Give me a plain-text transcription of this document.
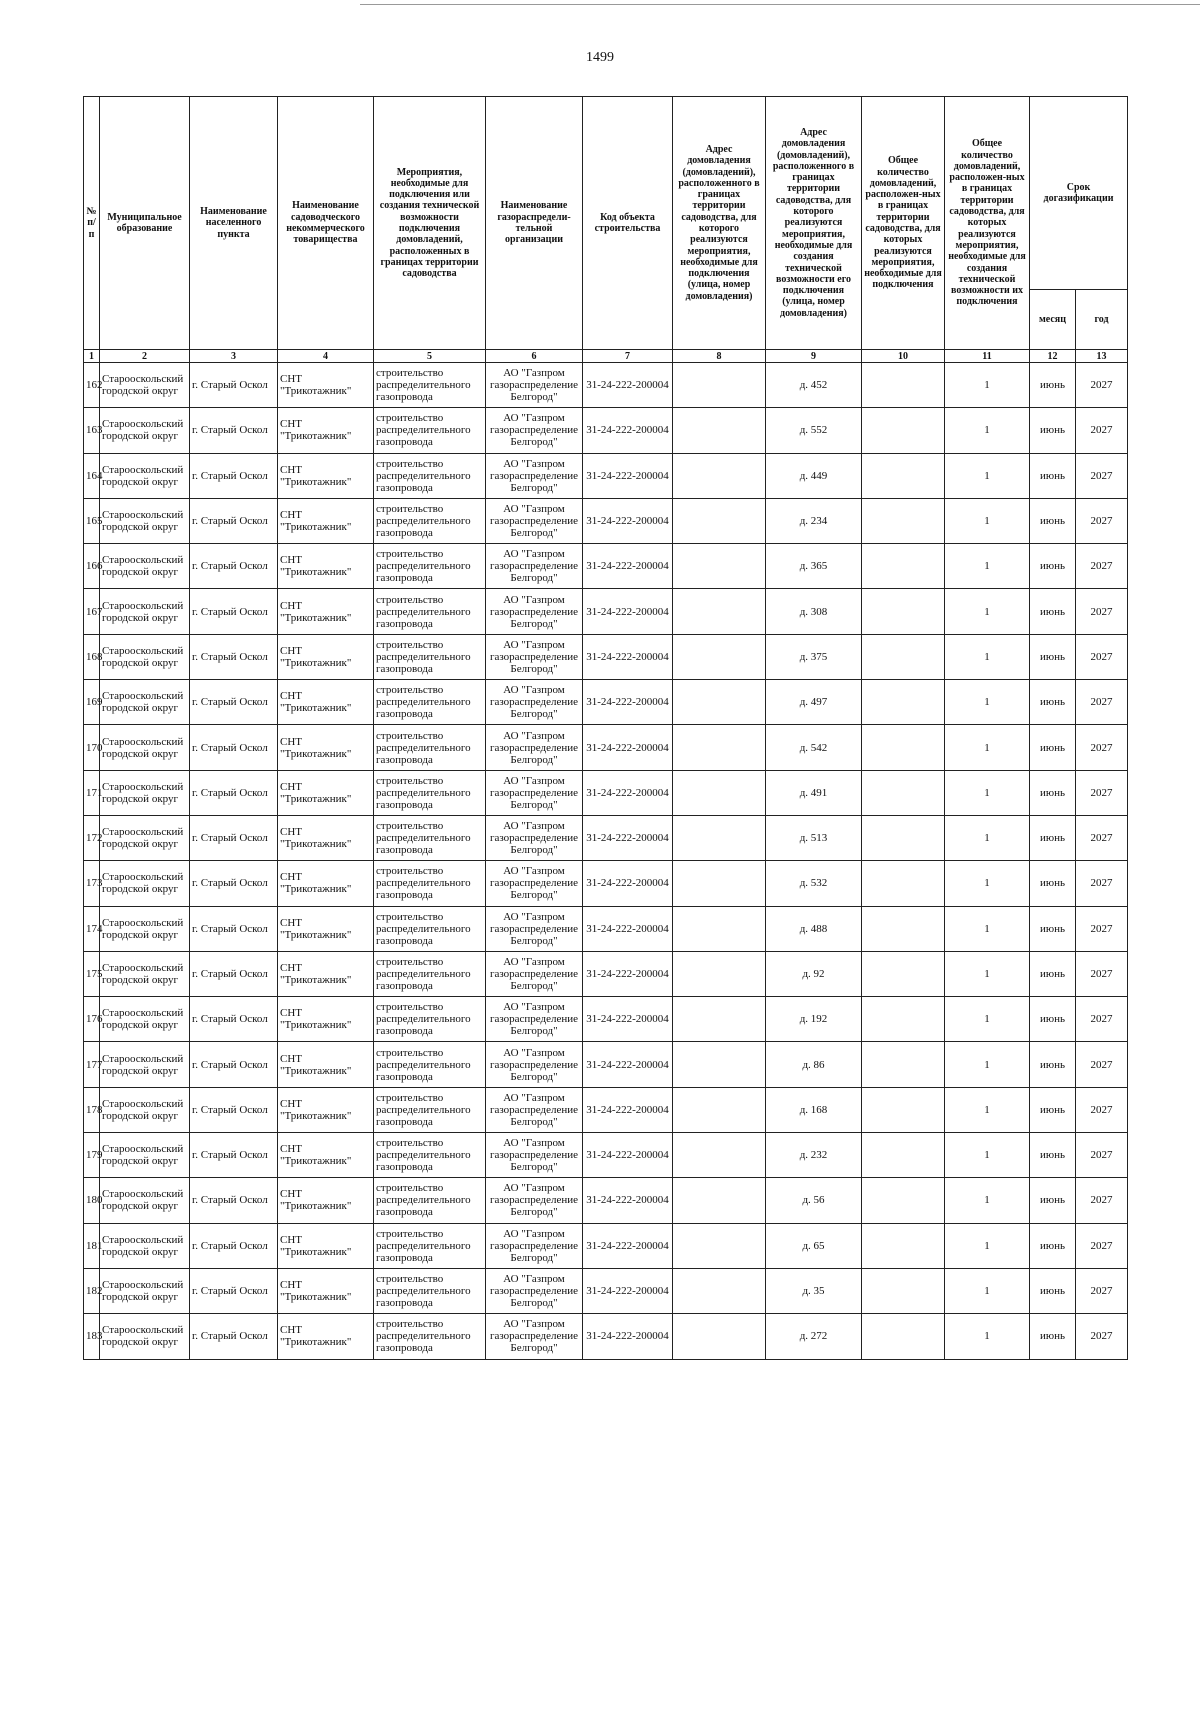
1499
№ п/п	Муниципальное образование	Наименование населенного пункта	Наименование садоводческого некоммерческого товарищества	Мероприятия, необходимые для подключения или создания технической возможности подключения домовладений, расположенных в границах территории садоводства	Наименование газораспредели-тельной организации	Код объекта строительства	Адрес домовладения (домовладений), расположенного в границах территории садоводства, для которого реализуются мероприятия, необходимые для подключения (улица, номер домовладения)	Адрес домовладения (домовладений), расположенного в границах территории садоводства, для которого реализуются мероприятия, необходимые для создания технической возможности его подключения (улица, номер домовладения)	Общее количество домовладений, расположен-ных в границах территории садоводства, для которых реализуются мероприятия, необходимые для подключения	Общее количество домовладений, расположен-ных в границах территории садоводства, для которых реализуются мероприятия, необходимые для создания технической возможности их подключения	Срок догазификации	
											месяц	год
1	2	3	4	5	6	7	8	9	10	11	12	13
162	Старооскольский городской округ	г. Старый Оскол	СНТ "Трикотажник"	строительство распределительного газопровода	АО "Газпром газораспределение Белгород"	31-24-222-200004		д. 452		1	июнь	2027
163	Старооскольский городской округ	г. Старый Оскол	СНТ "Трикотажник"	строительство распределительного газопровода	АО "Газпром газораспределение Белгород"	31-24-222-200004		д. 552		1	июнь	2027
164	Старооскольский городской округ	г. Старый Оскол	СНТ "Трикотажник"	строительство распределительного газопровода	АО "Газпром газораспределение Белгород"	31-24-222-200004		д. 449		1	июнь	2027
165	Старооскольский городской округ	г. Старый Оскол	СНТ "Трикотажник"	строительство распределительного газопровода	АО "Газпром газораспределение Белгород"	31-24-222-200004		д. 234		1	июнь	2027
166	Старооскольский городской округ	г. Старый Оскол	СНТ "Трикотажник"	строительство распределительного газопровода	АО "Газпром газораспределение Белгород"	31-24-222-200004		д. 365		1	июнь	2027
167	Старооскольский городской округ	г. Старый Оскол	СНТ "Трикотажник"	строительство распределительного газопровода	АО "Газпром газораспределение Белгород"	31-24-222-200004		д. 308		1	июнь	2027
168	Старооскольский городской округ	г. Старый Оскол	СНТ "Трикотажник"	строительство распределительного газопровода	АО "Газпром газораспределение Белгород"	31-24-222-200004		д. 375		1	июнь	2027
169	Старооскольский городской округ	г. Старый Оскол	СНТ "Трикотажник"	строительство распределительного газопровода	АО "Газпром газораспределение Белгород"	31-24-222-200004		д. 497		1	июнь	2027
170	Старооскольский городской округ	г. Старый Оскол	СНТ "Трикотажник"	строительство распределительного газопровода	АО "Газпром газораспределение Белгород"	31-24-222-200004		д. 542		1	июнь	2027
171	Старооскольский городской округ	г. Старый Оскол	СНТ "Трикотажник"	строительство распределительного газопровода	АО "Газпром газораспределение Белгород"	31-24-222-200004		д. 491		1	июнь	2027
172	Старооскольский городской округ	г. Старый Оскол	СНТ "Трикотажник"	строительство распределительного газопровода	АО "Газпром газораспределение Белгород"	31-24-222-200004		д. 513		1	июнь	2027
173	Старооскольский городской округ	г. Старый Оскол	СНТ "Трикотажник"	строительство распределительного газопровода	АО "Газпром газораспределение Белгород"	31-24-222-200004		д. 532		1	июнь	2027
174	Старооскольский городской округ	г. Старый Оскол	СНТ "Трикотажник"	строительство распределительного газопровода	АО "Газпром газораспределение Белгород"	31-24-222-200004		д. 488		1	июнь	2027
175	Старооскольский городской округ	г. Старый Оскол	СНТ "Трикотажник"	строительство распределительного газопровода	АО "Газпром газораспределение Белгород"	31-24-222-200004		д. 92		1	июнь	2027
176	Старооскольский городской округ	г. Старый Оскол	СНТ "Трикотажник"	строительство распределительного газопровода	АО "Газпром газораспределение Белгород"	31-24-222-200004		д. 192		1	июнь	2027
177	Старооскольский городской округ	г. Старый Оскол	СНТ "Трикотажник"	строительство распределительного газопровода	АО "Газпром газораспределение Белгород"	31-24-222-200004		д. 86		1	июнь	2027
178	Старооскольский городской округ	г. Старый Оскол	СНТ "Трикотажник"	строительство распределительного газопровода	АО "Газпром газораспределение Белгород"	31-24-222-200004		д. 168		1	июнь	2027
179	Старооскольский городской округ	г. Старый Оскол	СНТ "Трикотажник"	строительство распределительного газопровода	АО "Газпром газораспределение Белгород"	31-24-222-200004		д. 232		1	июнь	2027
180	Старооскольский городской округ	г. Старый Оскол	СНТ "Трикотажник"	строительство распределительного газопровода	АО "Газпром газораспределение Белгород"	31-24-222-200004		д. 56		1	июнь	2027
181	Старооскольский городской округ	г. Старый Оскол	СНТ "Трикотажник"	строительство распределительного газопровода	АО "Газпром газораспределение Белгород"	31-24-222-200004		д. 65		1	июнь	2027
182	Старооскольский городской округ	г. Старый Оскол	СНТ "Трикотажник"	строительство распределительного газопровода	АО "Газпром газораспределение Белгород"	31-24-222-200004		д. 35		1	июнь	2027
183	Старооскольский городской округ	г. Старый Оскол	СНТ "Трикотажник"	строительство распределительного газопровода	АО "Газпром газораспределение Белгород"	31-24-222-200004		д. 272		1	июнь	2027
